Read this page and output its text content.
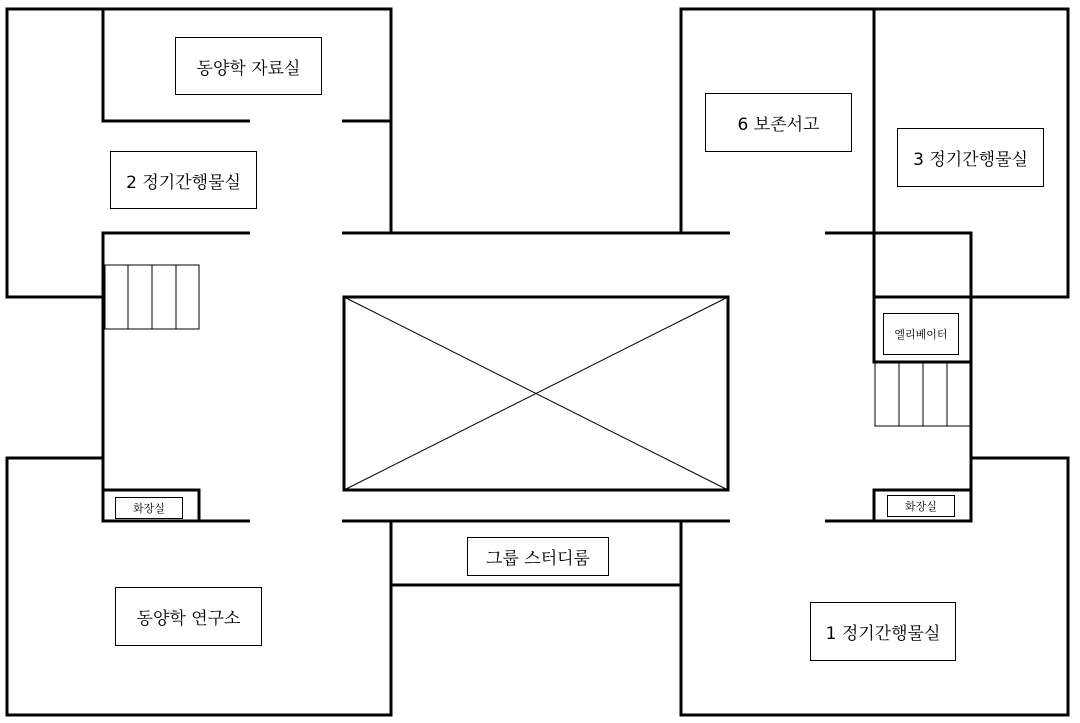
동양학 자료실
2 정기간행물실
6 보존서고
3 정기간행물실
엘리베이터
화장실	화장실
그룹 스터디룸
동양학 연구소
1 정기간행물실
